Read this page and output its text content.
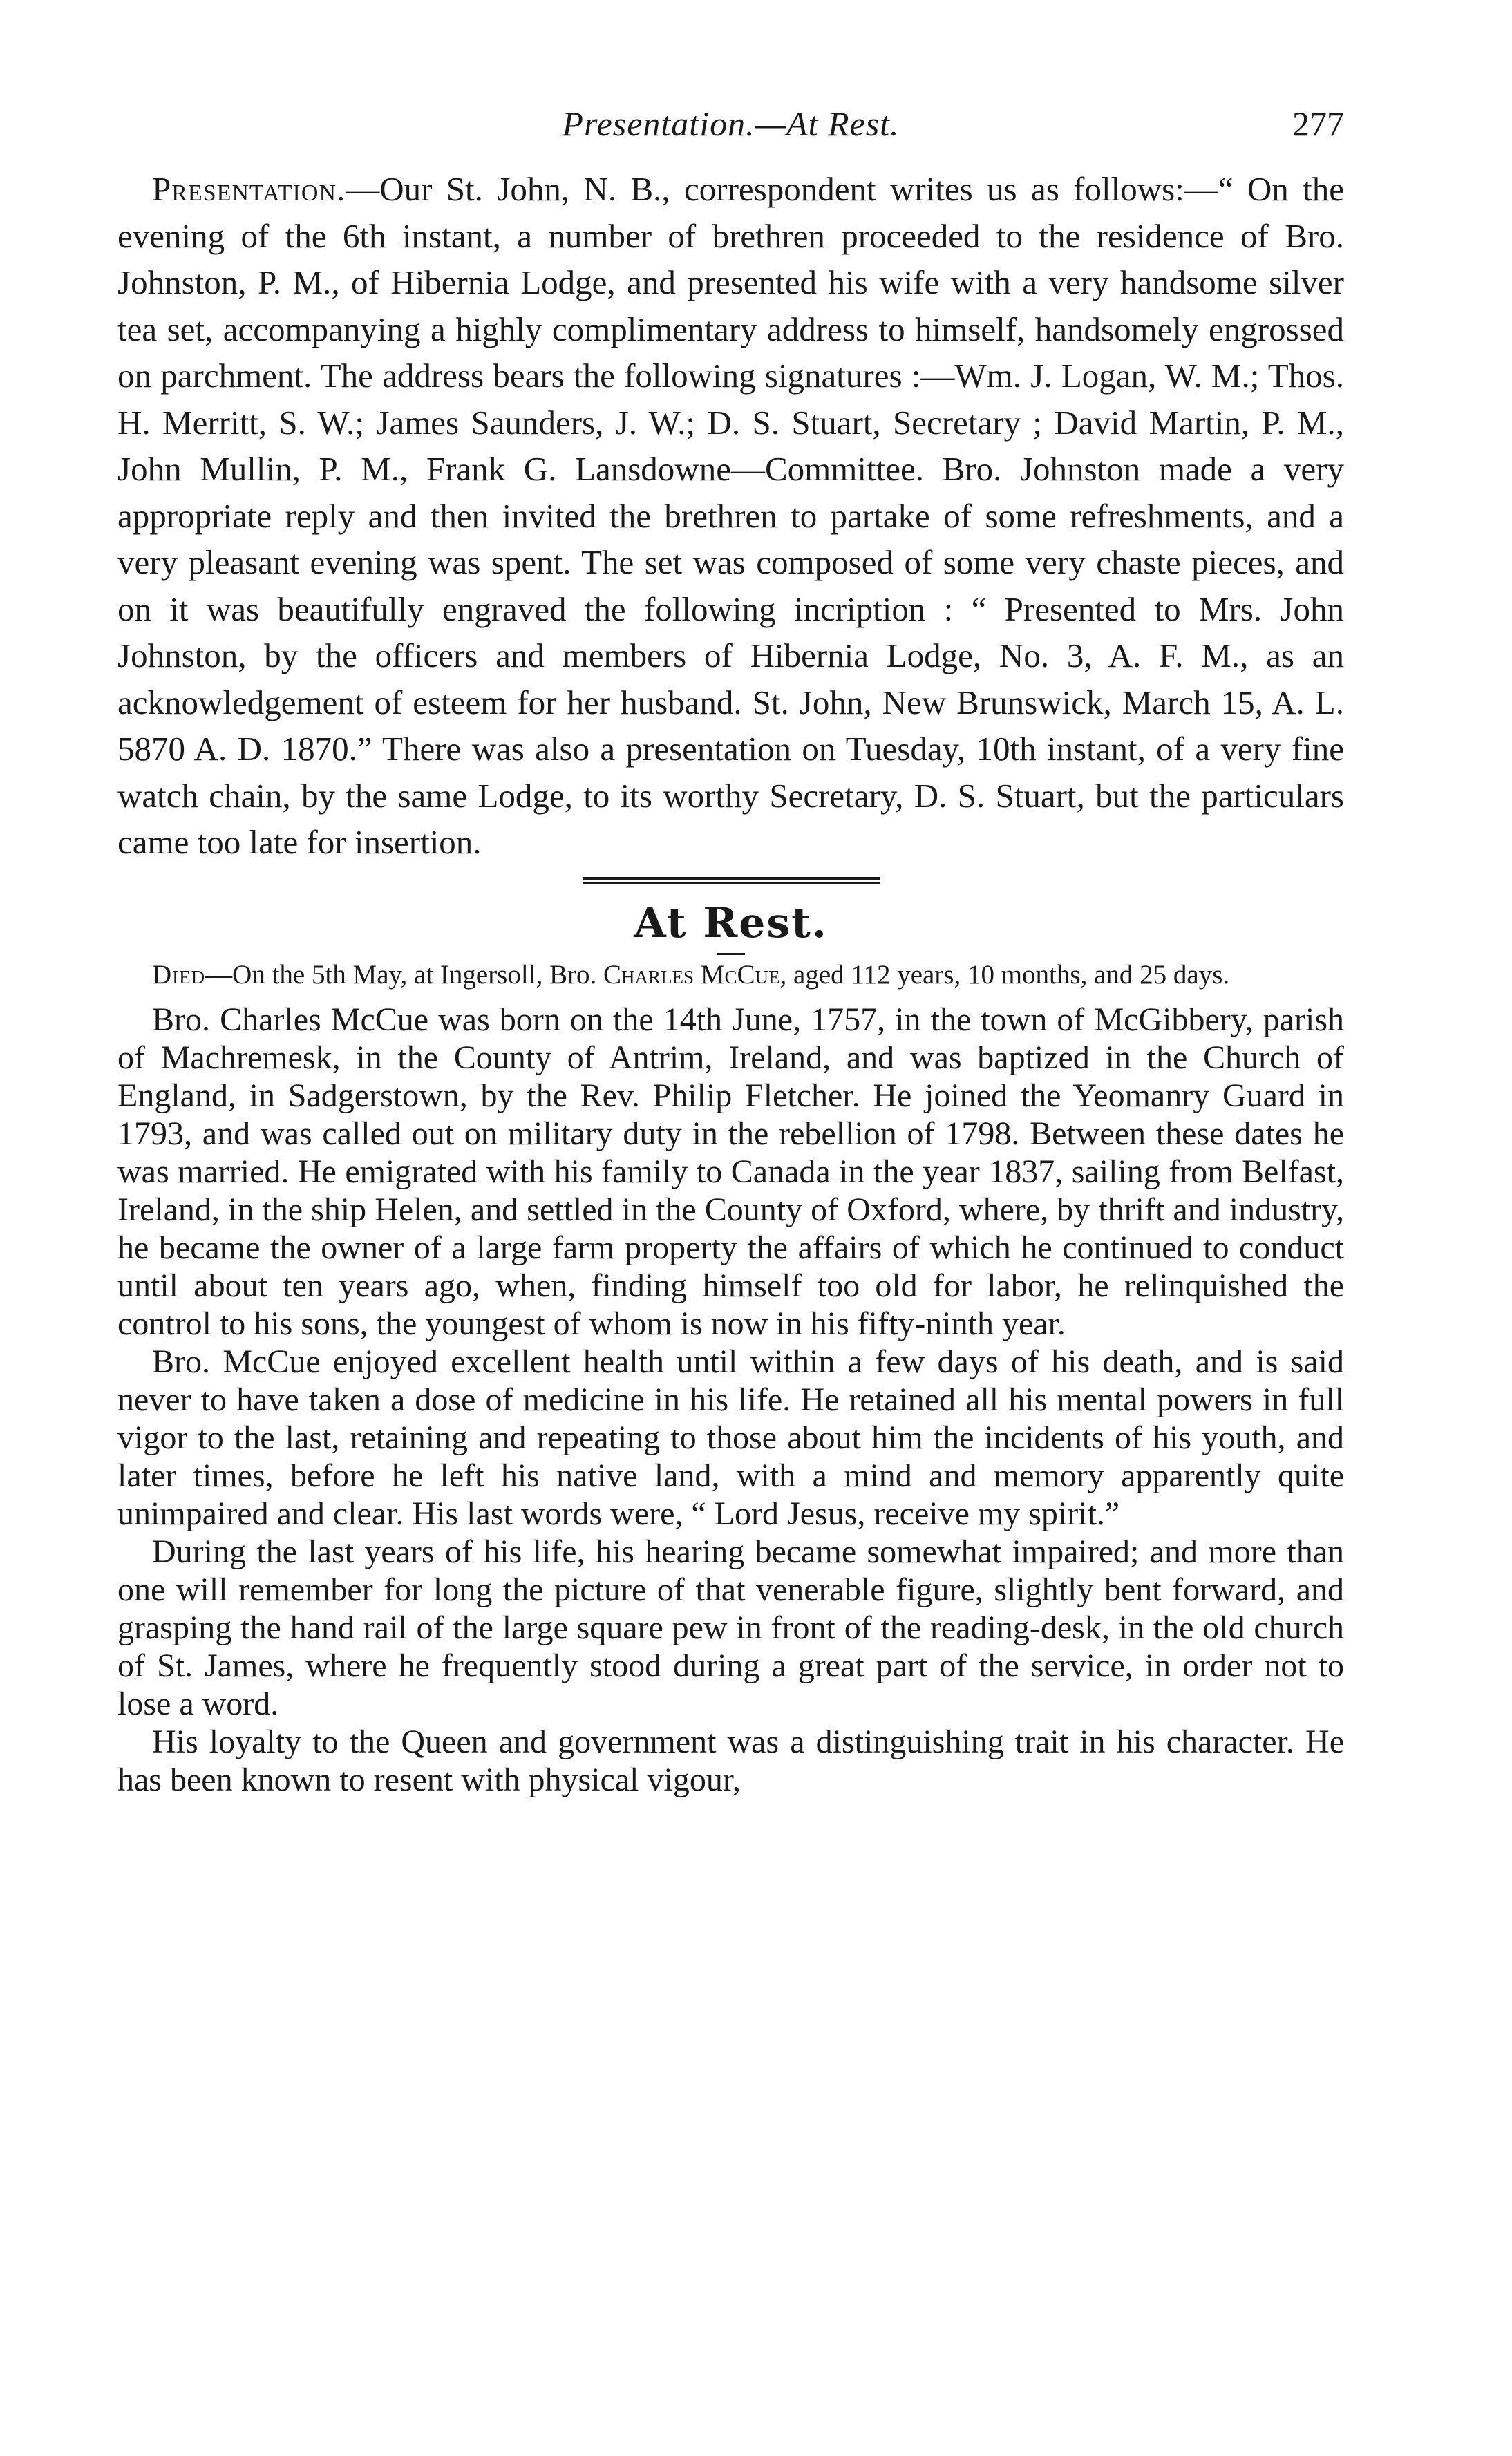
Presentation.—At Rest.	277

Presentation.—Our St. John, N. B., correspondent writes us as follows:—“ On the evening of the 6th instant, a number of brethren proceeded to the residence of Bro. Johnston, P. M., of Hibernia Lodge, and presented his wife with a very handsome silver tea set, accompanying a highly complimentary address to himself, handsomely engrossed on parchment. The address bears the following signatures :—Wm. J. Logan, W. M.; Thos. H. Merritt, S. W.; James Saunders, J. W.; D. S. Stuart, Secretary ; David Martin, P. M., John Mullin, P. M., Frank G. Lansdowne—Committee. Bro. Johnston made a very appropriate reply and then invited the brethren to partake of some refreshments, and a very pleasant evening was spent. The set was composed of some very chaste pieces, and on it was beautifully engraved the following incription : “ Presented to Mrs. John Johnston, by the officers and members of Hibernia Lodge, No. 3, A. F. M., as an acknowledgement of esteem for her husband. St. John, New Brunswick, March 15, A. L. 5870 A. D. 1870.” There was also a presentation on Tuesday, 10th instant, of a very fine watch chain, by the same Lodge, to its worthy Secretary, D. S. Stuart, but the particulars came too late for insertion.

At Rest.

Died—On the 5th May, at Ingersoll, Bro. Charles McCue, aged 112 years, 10 months, and 25 days.

Bro. Charles McCue was born on the 14th June, 1757, in the town of McGibbery, parish of Machremesk, in the County of Antrim, Ireland, and was baptized in the Church of England, in Sadgerstown, by the Rev. Philip Fletcher. He joined the Yeomanry Guard in 1793, and was called out on military duty in the rebellion of 1798. Between these dates he was married. He emigrated with his family to Canada in the year 1837, sailing from Belfast, Ireland, in the ship Helen, and settled in the County of Oxford, where, by thrift and industry, he became the owner of a large farm property the affairs of which he continued to conduct until about ten years ago, when, finding himself too old for labor, he relinquished the control to his sons, the youngest of whom is now in his fifty-ninth year.

Bro. McCue enjoyed excellent health until within a few days of his death, and is said never to have taken a dose of medicine in his life. He retained all his mental powers in full vigor to the last, retaining and repeating to those about him the incidents of his youth, and later times, before he left his native land, with a mind and memory apparently quite unimpaired and clear. His last words were, “ Lord Jesus, receive my spirit.”

During the last years of his life, his hearing became somewhat impaired; and more than one will remember for long the picture of that venerable figure, slightly bent forward, and grasping the hand rail of the large square pew in front of the reading-desk, in the old church of St. James, where he frequently stood during a great part of the service, in order not to lose a word.

His loyalty to the Queen and government was a distinguishing trait in his character. He has been known to resent with physical vigour,
